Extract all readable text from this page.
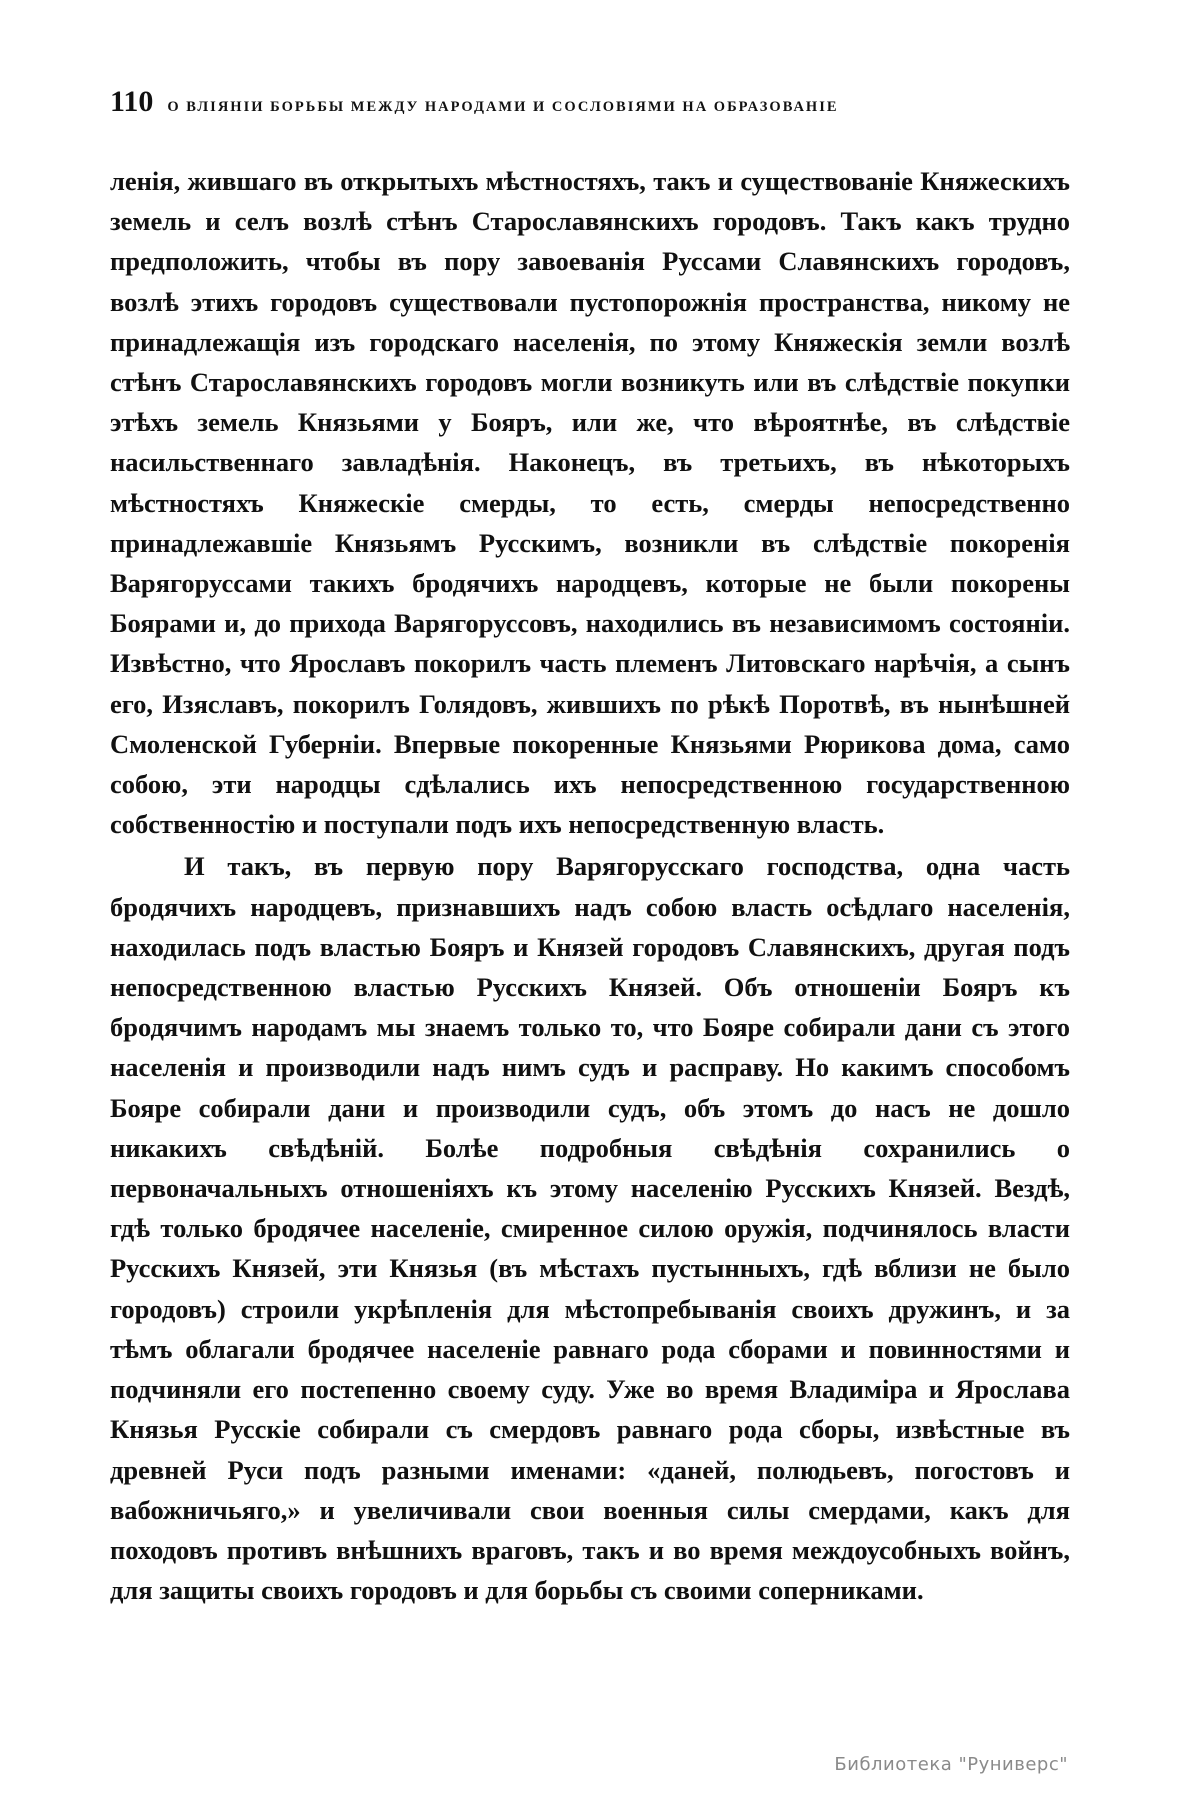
110 О ВЛІЯНІИ БОРЬБЫ МЕЖДУ НАРОДАМИ И СОСЛОВІЯМИ НА ОБРАЗОВАНІЕ

ленія, жившаго въ открытыхъ мѣстностяхъ, такъ и существованіе Княжескихъ земель и селъ возлѣ стѣнъ Старославянскихъ городовъ. Такъ какъ трудно предположить, чтобы въ пору завоеванія Руссами Славянскихъ городовъ, возлѣ этихъ городовъ существовали пустопорожнія пространства, никому не принадлежащія изъ городскаго населенія, по этому Княжескія земли возлѣ стѣнъ Старославянскихъ городовъ могли возникуть или въ слѣдствіе покупки этѣхъ земель Князьями у Бояръ, или же, что вѣроятнѣе, въ слѣдствіе насильственнаго завладѣнія. Наконецъ, въ третьихъ, въ нѣкоторыхъ мѣстностяхъ Княжескіе смерды, то есть, смерды непосредственно принадлежавшіе Князьямъ Русскимъ, возникли въ слѣдствіе покоренія Варягоруссами такихъ бродячихъ народцевъ, которые не были покорены Боярами и, до прихода Варягоруссовъ, находились въ независимомъ состояніи. Извѣстно, что Ярославъ покорилъ часть племенъ Литовскаго нарѣчія, а сынъ его, Изяславъ, покорилъ Голядовъ, жившихъ по рѣкѣ Поротвѣ, въ нынѣшней Смоленской Губерніи. Впервые покоренные Князьями Рюрикова дома, само собою, эти народцы сдѣлались ихъ непосредственною государственною собственностію и поступали подъ ихъ непосредственную власть.

И такъ, въ первую пору Варягорусскаго господства, одна часть бродячихъ народцевъ, признавшихъ надъ собою власть осѣдлаго населенія, находилась подъ властью Бояръ и Князей городовъ Славянскихъ, другая подъ непосредственною властью Русскихъ Князей. Объ отношеніи Бояръ къ бродячимъ народамъ мы знаемъ только то, что Бояре собирали дани съ этого населенія и производили надъ нимъ судъ и расправу. Но какимъ способомъ Бояре собирали дани и производили судъ, объ этомъ до насъ не дошло никакихъ свѣдѣній. Болѣе подробныя свѣдѣнія сохранились о первоначальныхъ отношеніяхъ къ этому населенію Русскихъ Князей. Вездѣ, гдѣ только бродячее населеніе, смиренное силою оружія, подчинялось власти Русскихъ Князей, эти Князья (въ мѣстахъ пустынныхъ, гдѣ вблизи не было городовъ) строили укрѣпленія для мѣстопребыванія своихъ дружинъ, и за тѣмъ облагали бродячее населеніе равнаго рода сборами и повинностями и подчиняли его постепенно своему суду. Уже во время Владиміра и Ярослава Князья Русскіе собирали съ смердовъ равнаго рода сборы, извѣстные въ древней Руси подъ разными именами: «даней, полюдьевъ, погостовъ и вабожничьяго,» и увеличивали свои военныя силы смердами, какъ для походовъ противъ внѣшнихъ враговъ, такъ и во время междоусобныхъ войнъ, для защиты своихъ городовъ и для борьбы съ своими соперниками.

Библиотека "Руниверс"
